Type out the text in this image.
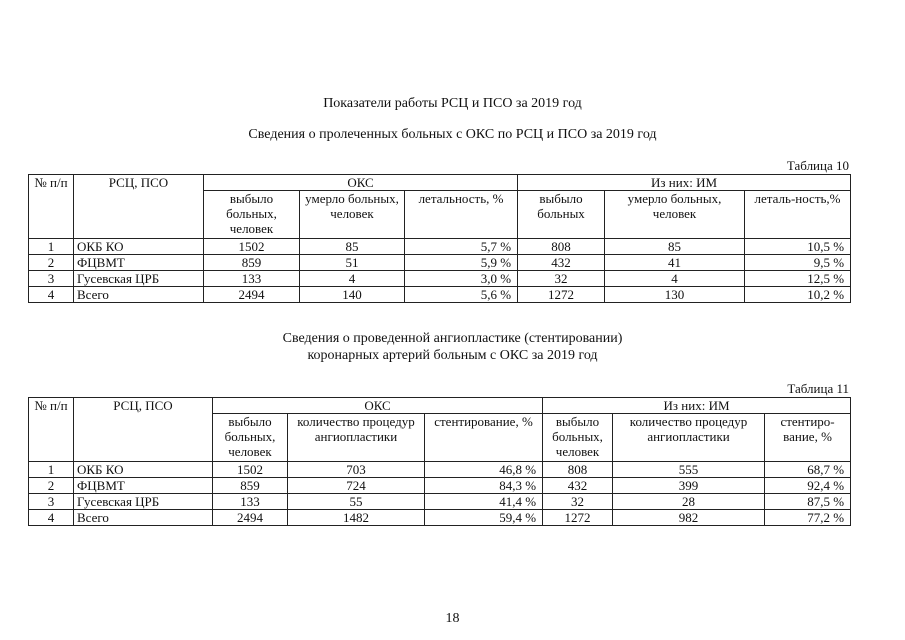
Показатели работы РСЦ и ПСО за 2019 год
Сведения о пролеченных больных с ОКС по РСЦ и ПСО за 2019 год
Таблица 10
№ п/п	РСЦ, ПСО	ОКС			Из них: ИМ		
		выбыло больных, человек	умерло больных, человек	летальность, %	выбыло больных	умерло больных, человек	леталь-ность,%
1	ОКБ КО	1502	85	5,7 %	808	85	10,5 %
2	ФЦВМТ	859	51	5,9 %	432	41	9,5 %
3	Гусевская ЦРБ	133	4	3,0 %	32	4	12,5 %
4	Всего	2494	140	5,6 %	1272	130	10,2 %
Сведения о проведенной ангиопластике (стентировании)
коронарных артерий больным с ОКС за 2019 год
Таблица 11
№ п/п	РСЦ, ПСО	ОКС			Из них: ИМ		
		выбыло больных, человек	количество процедур ангиопластики	стентирование, %	выбыло больных, человек	количество процедур ангиопластики	стентиро-вание, %
1	ОКБ КО	1502	703	46,8 %	808	555	68,7 %
2	ФЦВМТ	859	724	84,3 %	432	399	92,4 %
3	Гусевская ЦРБ	133	55	41,4 %	32	28	87,5 %
4	Всего	2494	1482	59,4 %	1272	982	77,2 %
18
